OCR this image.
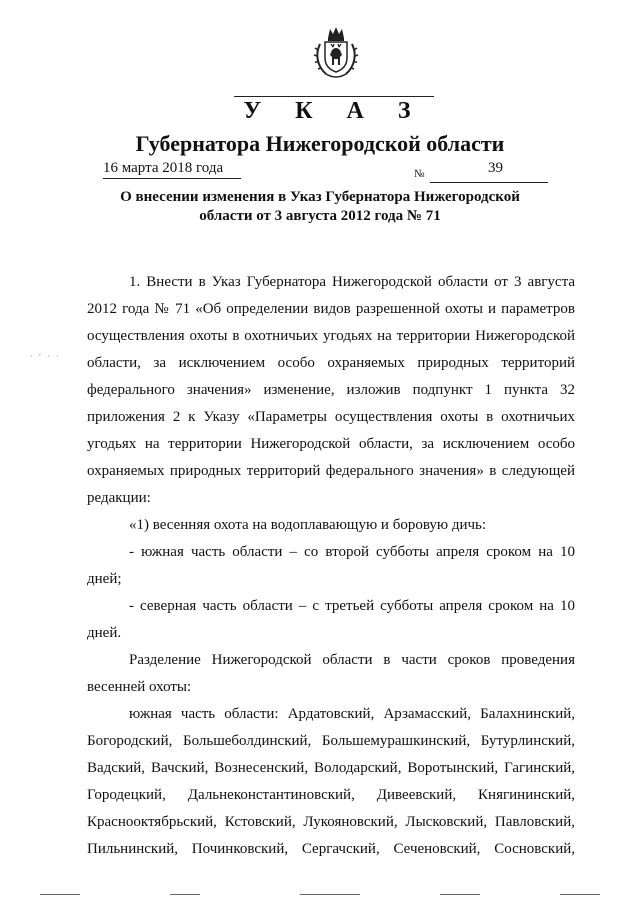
У К А З
Губернатора Нижегородской области
16 марта 2018 года	№	39
О внесении изменения в Указ Губернатора Нижегородской
области от 3 августа 2012 года № 71
1. Внести в Указ Губернатора Нижегородской области от 3 августа
2012 года № 71 «Об определении видов разрешенной охоты и параметров
осуществления охоты в охотничьих угодьях на территории Нижегородской
области, за исключением особо охраняемых природных территорий
федерального значения» изменение, изложив подпункт 1 пункта 32
приложения 2 к Указу «Параметры осуществления охоты в охотничьих
угодьях на территории Нижегородской области, за исключением особо
охраняемых природных территорий федерального значения» в следующей
редакции:
«1) весенняя охота на водоплавающую и боровую дичь:
- южная часть области – со второй субботы апреля сроком на 10
дней;
- северная часть области – с третьей субботы апреля сроком на 10
дней.
Разделение Нижегородской области в части сроков проведения
весенней охоты:
южная часть области: Ардатовский, Арзамасский, Балахнинский,
Богородский, Большеболдинский, Большемурашкинский, Бутурлинский,
Вадский, Вачский, Вознесенский, Володарский, Воротынский, Гагинский,
Городецкий, Дальнеконстантиновский, Дивеевский, Княгининский,
Краснооктябрьский, Кстовский, Лукояновский, Лысковский, Павловский,
Пильнинский, Починковский, Сергачский, Сеченовский, Сосновский,
· ‘ · ·
